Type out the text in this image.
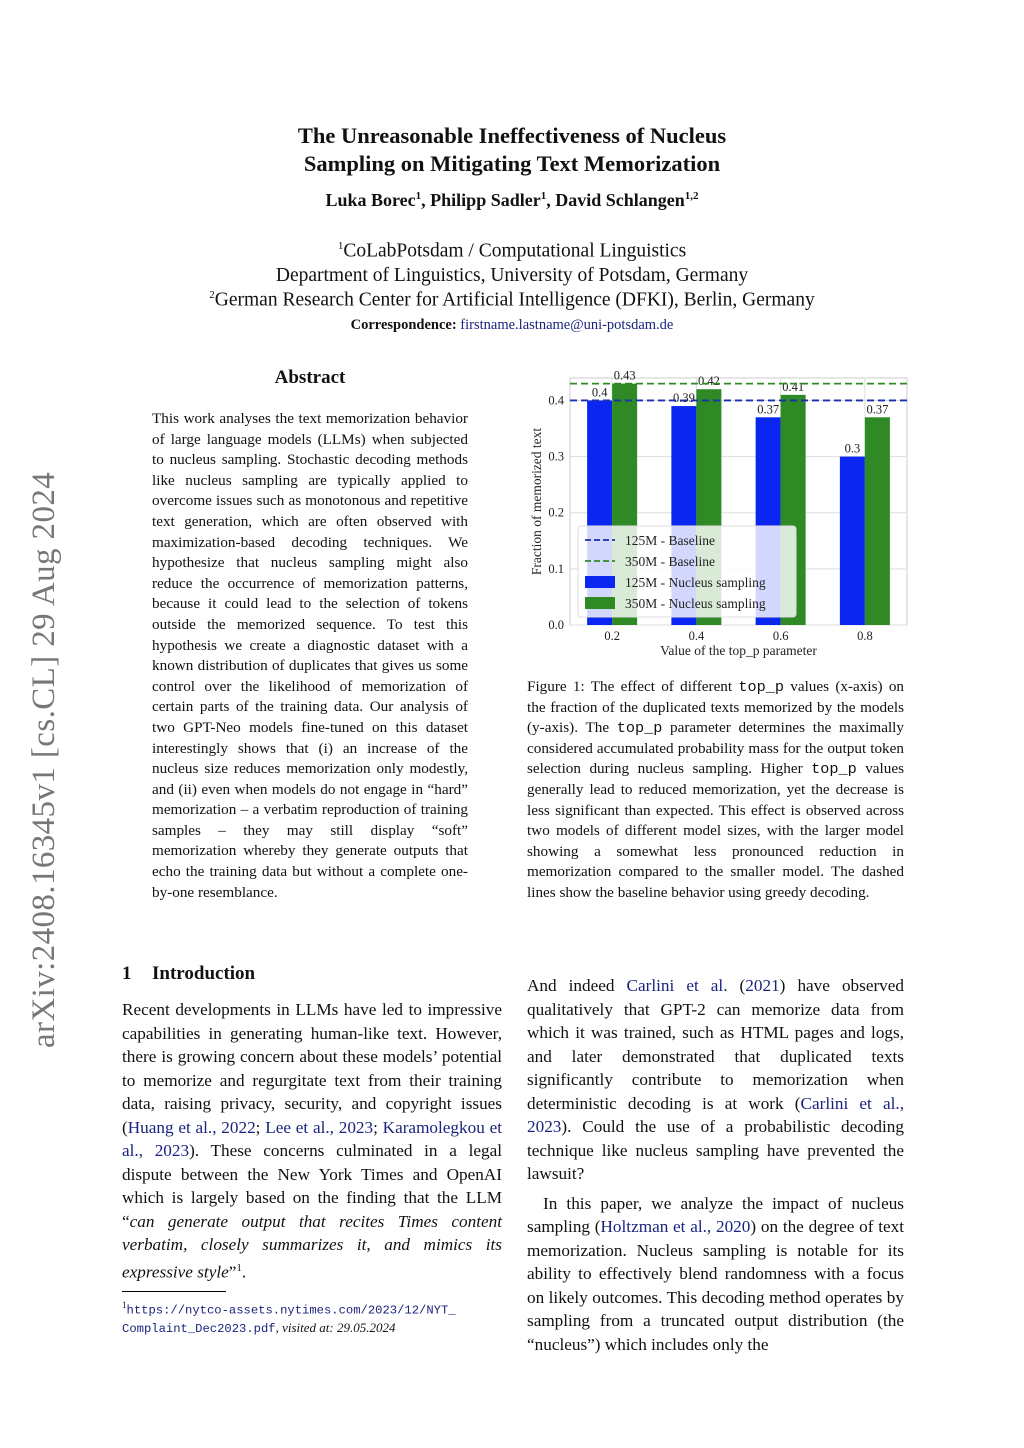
arXiv:2408.16345v1 [cs.CL] 29 Aug 2024
The Unreasonable Ineffectiveness of Nucleus
Sampling on Mitigating Text Memorization
Luka Borec$^1$, Philipp Sadler$^1$, David Schlangen$^{1,2}$
$^1$CoLabPotsdam / Computational Linguistics
Department of Linguistics, University of Potsdam, Germany
$^2$German Research Center for Artificial Intelligence (DFKI), Berlin, Germany
Correspondence: firstname.lastname@uni-potsdam.de
Abstract
This work analyses the text memorization behavior of large language models (LLMs) when subjected to nucleus sampling. Stochastic decoding methods like nucleus sampling are typically applied to overcome issues such as monotonous and repetitive text generation, which are often observed with maximization-based decoding techniques. We hypothesize that nucleus sampling might also reduce the occurrence of memorization patterns, because it could lead to the selection of tokens outside the memorized sequence. To test this hypothesis we create a diagnostic dataset with a known distribution of duplicates that gives us some control over the likelihood of memorization of certain parts of the training data. Our analysis of two GPT-Neo models fine-tuned on this dataset interestingly shows that (i) an increase of the nucleus size reduces memorization only modestly, and (ii) even when models do not engage in “hard” memorization – a verbatim reproduction of training samples – they may still display “soft” memorization whereby they generate outputs that echo the training data but without a complete one-by-one resemblance.
0.4	0.39
0.37
0.3
0.43	0.42	0.41
0.37
0.0
0.1
0.2
0.3
0.4
0.2	0.4	0.6	0.8
Value of the top_p parameter
Fraction of memorized text	125M - Baseline
350M - Baseline
125M - Nucleus sampling
350M - Nucleus sampling
Figure 1: The effect of different top_p values (x-axis) on the fraction of the duplicated texts memorized by the models (y-axis). The top_p parameter determines the maximally considered accumulated probability mass for the output token selection during nucleus sampling. Higher top_p values generally lead to reduced memorization, yet the decrease is less significant than expected. This effect is observed across two models of different model sizes, with the larger model showing a somewhat less pronounced reduction in memorization compared to the smaller model. The dashed lines show the baseline behavior using greedy decoding.
1 Introduction
Recent developments in LLMs have led to impressive capabilities in generating human-like text. However, there is growing concern about these models’ potential to memorize and regurgitate text from their training data, raising privacy, security, and copyright issues (Huang et al., 2022; Lee et al., 2023; Karamolegkou et al., 2023). These concerns culminated in a legal dispute between the New York Times and OpenAI which is largely based on the finding that the LLM “can generate output that recites Times content verbatim, closely summarizes it, and mimics its expressive style”$^1$.

And indeed Carlini et al. (2021) have observed qualitatively that GPT-2 can memorize data from which it was trained, such as HTML pages and logs, and later demonstrated that duplicated texts significantly contribute to memorization when deterministic decoding is at work (Carlini et al., 2023). Could the use of a probabilistic decoding technique like nucleus sampling have prevented the lawsuit?

In this paper, we analyze the impact of nucleus sampling (Holtzman et al., 2020) on the degree of text memorization. Nucleus sampling is notable for its ability to effectively blend randomness with a focus on likely outcomes. This decoding method operates by sampling from a truncated output distribution (the “nucleus”) which includes only the

$^1$https://nytco-assets.nytimes.com/2023/12/NYT_
Complaint_Dec2023.pdf, visited at: 29.05.2024
